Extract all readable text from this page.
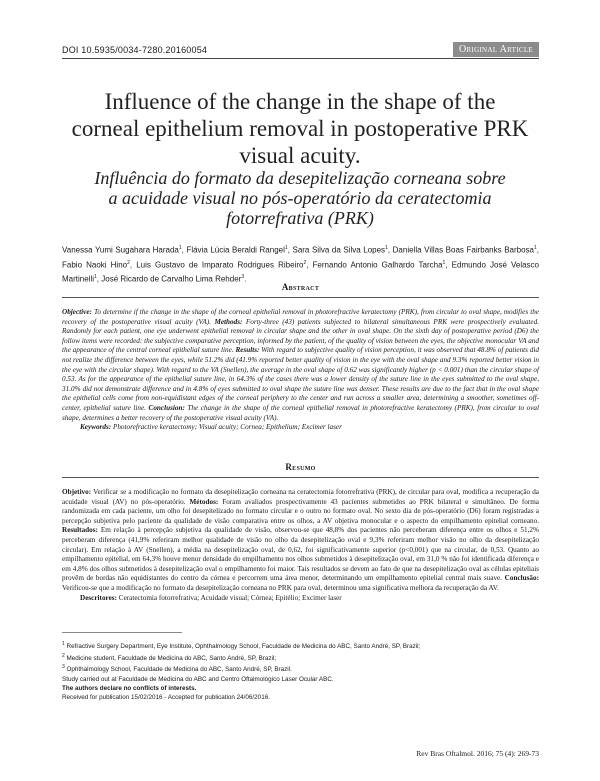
DOI 10.5935/0034-7280.20160054	Original Article
Influence of the change in the shape of the corneal epithelium removal in postoperative PRK visual acuity.
Influência do formato da desepitelização corneana sobre a acuidade visual no pós-operatório da ceratectomia fotorrefrativa (PRK)
Vanessa Yumi Sugahara Harada$^1$, Flávia Lúcia Beraldi Rangel$^1$, Sara Silva da Silva Lopes$^1$, Daniella Villas Boas Fairbanks Barbosa$^1$, Fabio Naoki Hino$^2$, Luis Gustavo de Imparato Rodrigues Ribeiro$^2$, Fernando Antonio Galhardo Tarcha$^1$, Edmundo José Velasco Martinelli$^1$, José Ricardo de Carvalho Lima Rehder$^3$.
Abstract
Objective: To determine if the change in the shape of the corneal epithelial removal in photorefractive keratectomy (PRK), from circular to oval shape, modifies the recovery of the postoperative visual acuity (VA). Methods: Forty-three (43) patients subjected to bilateral simultaneous PRK were prospectively evaluated. Randomly for each patient, one eye underwent epithelial removal in circular shape and the other in oval shape. On the sixth day of postoperative period (D6) the follow items were recorded: the subjective comparative perception, informed by the patient, of the quality of vision between the eyes, the objective monocular VA and the appearance of the central corneal epithelial suture line. Results: With regard to subjective quality of vision perception, it was observed that 48.8% of patients did not realize the difference between the eyes, while 51.2% did (41.9% reported better quality of vision in the eye with the oval shape and 9.3% reported better vision in the eye with the circular shape). With regard to the VA (Snellen), the average in the oval shape of 0.62 was significantly higher (p < 0.001) than the circular shape of 0.53. As for the appearance of the epithelial suture line, in 64.3% of the cases there was a lower density of the suture line in the eyes submitted to the oval shape, 31.0% did not demonstrate difference and in 4.8% of eyes submitted to oval shape the suture line was denser. These results are due to the fact that in the oval shape the epithelial cells come from non-equidistant edges of the corneal periphery to the center and run across a smaller area, determining a smoother, sometimes off-center, epithelial suture line. Conclusion: The change in the shape of the corneal epithelial removal in photorefractive keratectomy (PRK), from circular to oval shape, determines a better recovery of the postoperative visual acuity (VA).
Keywords: Photorefractive keratectomy; Visual acuity; Cornea; Epithelium; Excimer laser
Resumo
Objetivo: Verificar se a modificação no formato da desepitelização corneana na ceratectomia fotorrefrativa (PRK), de circular para oval, modifica a recuperação da acuidade visual (AV) no pós-operatório. Métodos: Foram avaliados prospectivamente 43 pacientes submetidos ao PRK bilateral e simultâneo. De forma randomizada em cada paciente, um olho foi desepitelizado no formato circular e o outro no formato oval. No sexto dia de pós-operatório (D6) foram registradas a percepção subjetiva pelo paciente da qualidade de visão comparativa entre os olhos, a AV objetiva monocular e o aspecto do empilhamento epitelial corneano. Resultados: Em relação à percepção subjetiva da qualidade de visão, observou-se que 48,8% dos pacientes não perceberam diferença entre os olhos e 51,2% perceberam diferença (41,9% referiram melhor qualidade de visão no olho da desepitelização oval e 9,3% referiram melhor visão no olho da desepitelização circular). Em relação à AV (Snellen), a média na desepitelização oval, de 0,62, foi significativamente superior (p<0,001) que na circular, de 0,53. Quanto ao empilhamento epitelial, em 64,3% houve menor densidade do empilhamento nos olhos submetidos à desepitelização oval, em 31,0 % não foi identificada diferença e em 4,8% dos olhos submetidos à desepitelização oval o empilhamento foi maior. Tais resultados se devem ao fato de que na desepitelização oval as células epiteliais provêm de bordas não equidistantes do centro da córnea e percorrem uma área menor, determinando um empilhamento epitelial central mais suave. Conclusão: Verificou-se que a modificação no formato da desepitelização corneana no PRK para oval, determinou uma significativa melhora da recuperação da AV.
Descritores: Ceratectomia fotorrefrativa; Acuidade visual; Córnea; Epitélio; Excimer laser
$^1$ Refractive Surgery Department, Eye Institute, Ophthalmology School, Faculdade de Medicina do ABC, Santo André, SP, Brazil;
$^2$ Medicine student, Faculdade de Medicina do ABC, Santo André, SP, Brazil;
$^3$ Ophthalmology School, Faculdade de Medicina do ABC, Santo André, SP, Brazil.
Study carried out at Faculdade de Medicina do ABC and Centro Oftalmológico Laser Ocular ABC.
The authors declare no conflicts of interests.
Received for publication 15/02/2016 - Accepted for publication 24/06/2016.
Rev Bras Oftalmol. 2016; 75 (4): 269-73
